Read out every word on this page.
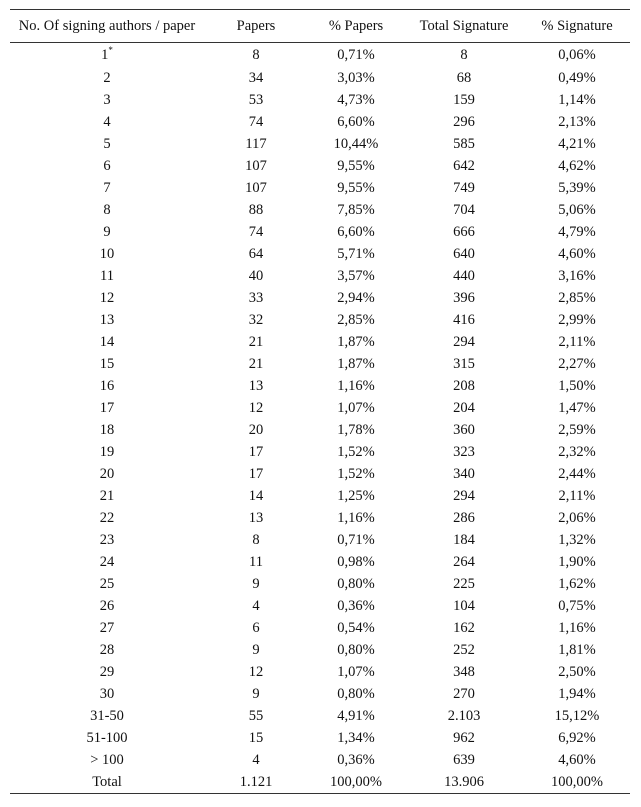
No. Of signing authors / paper	Papers	% Papers	Total Signature	% Signature
1*	8	0,71%	8	0,06%
2	34	3,03%	68	0,49%
3	53	4,73%	159	1,14%
4	74	6,60%	296	2,13%
5	117	10,44%	585	4,21%
6	107	9,55%	642	4,62%
7	107	9,55%	749	5,39%
8	88	7,85%	704	5,06%
9	74	6,60%	666	4,79%
10	64	5,71%	640	4,60%
11	40	3,57%	440	3,16%
12	33	2,94%	396	2,85%
13	32	2,85%	416	2,99%
14	21	1,87%	294	2,11%
15	21	1,87%	315	2,27%
16	13	1,16%	208	1,50%
17	12	1,07%	204	1,47%
18	20	1,78%	360	2,59%
19	17	1,52%	323	2,32%
20	17	1,52%	340	2,44%
21	14	1,25%	294	2,11%
22	13	1,16%	286	2,06%
23	8	0,71%	184	1,32%
24	11	0,98%	264	1,90%
25	9	0,80%	225	1,62%
26	4	0,36%	104	0,75%
27	6	0,54%	162	1,16%
28	9	0,80%	252	1,81%
29	12	1,07%	348	2,50%
30	9	0,80%	270	1,94%
31-50	55	4,91%	2.103	15,12%
51-100	15	1,34%	962	6,92%
> 100	4	0,36%	639	4,60%
Total	1.121	100,00%	13.906	100,00%
